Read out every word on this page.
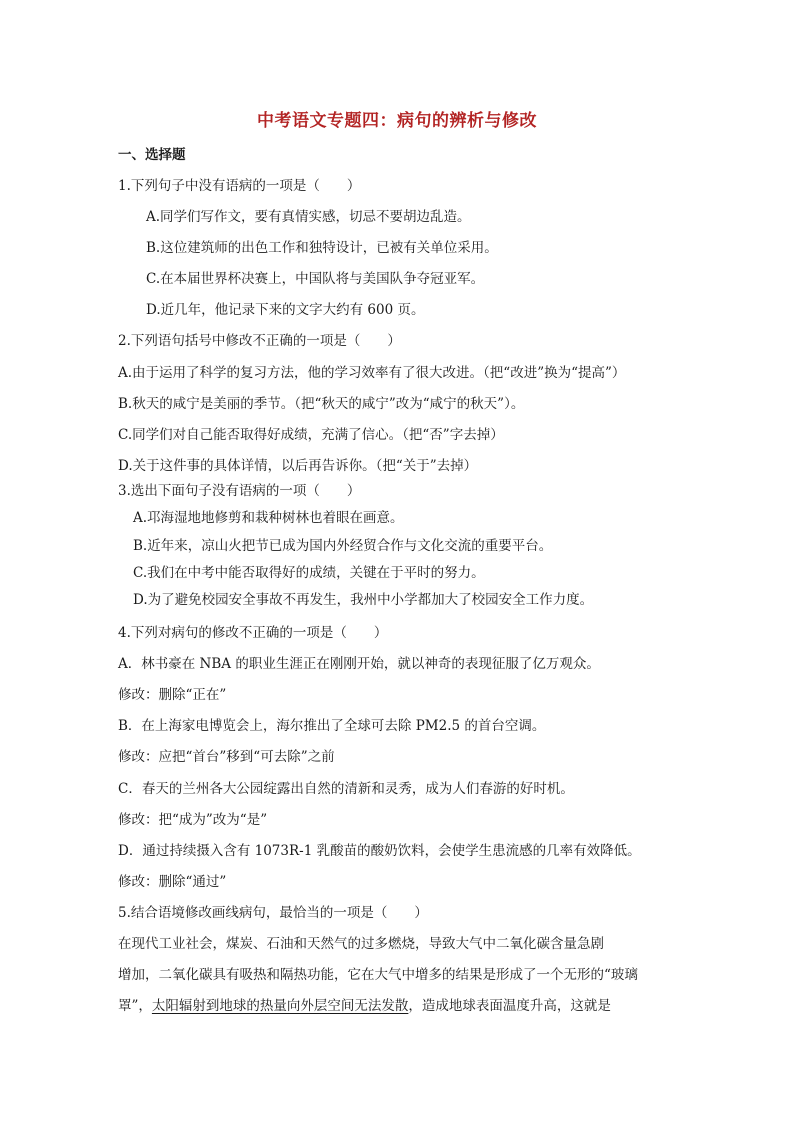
中考语文专题四：病句的辨析与修改
一、选择题
1.下列句子中没有语病的一项是（　　）
A.同学们写作文，要有真情实感，切忌不要胡边乱造。
B.这位建筑师的出色工作和独特设计，已被有关单位采用。
C.在本届世界杯决赛上，中国队将与美国队争夺冠亚军。
D.近几年，他记录下来的文字大约有 600 页。
2.下列语句括号中修改不正确的一项是（　　）
A.由于运用了科学的复习方法，他的学习效率有了很大改进。（把“改进”换为“提高”）
B.秋天的咸宁是美丽的季节。（把“秋天的咸宁”改为“咸宁的秋天”）。
C.同学们对自己能否取得好成绩，充满了信心。（把“否”字去掉）
D.关于这件事的具体详情，以后再告诉你。（把“关于”去掉）
3.选出下面句子没有语病的一项（　　）
A.邛海湿地地修剪和栽种树林也着眼在画意。
B.近年来，凉山火把节已成为国内外经贸合作与文化交流的重要平台。
C.我们在中考中能否取得好的成绩，关键在于平时的努力。
D.为了避免校园安全事故不再发生，我州中小学都加大了校园安全工作力度。
4.下列对病句的修改不正确的一项是（　　）
A．林书豪在 NBA 的职业生涯正在刚刚开始，就以神奇的表现征服了亿万观众。
修改：删除“正在”
B．在上海家电博览会上，海尔推出了全球可去除 PM2.5 的首台空调。
修改：应把“首台”移到“可去除”之前
C．春天的兰州各大公园绽露出自然的清新和灵秀，成为人们春游的好时机。
修改：把“成为”改为“是”
D．通过持续摄入含有 1073R-1 乳酸苗的酸奶饮料，会使学生患流感的几率有效降低。
修改：删除“通过”
5.结合语境修改画线病句，最恰当的一项是（　　）
在现代工业社会，煤炭、石油和天然气的过多燃烧，导致大气中二氧化碳含量急剧
增加，二氧化碳具有吸热和隔热功能，它在大气中增多的结果是形成了一个无形的“玻璃
罩”，太阳辐射到地球的热量向外层空间无法发散，造成地球表面温度升高，这就是
